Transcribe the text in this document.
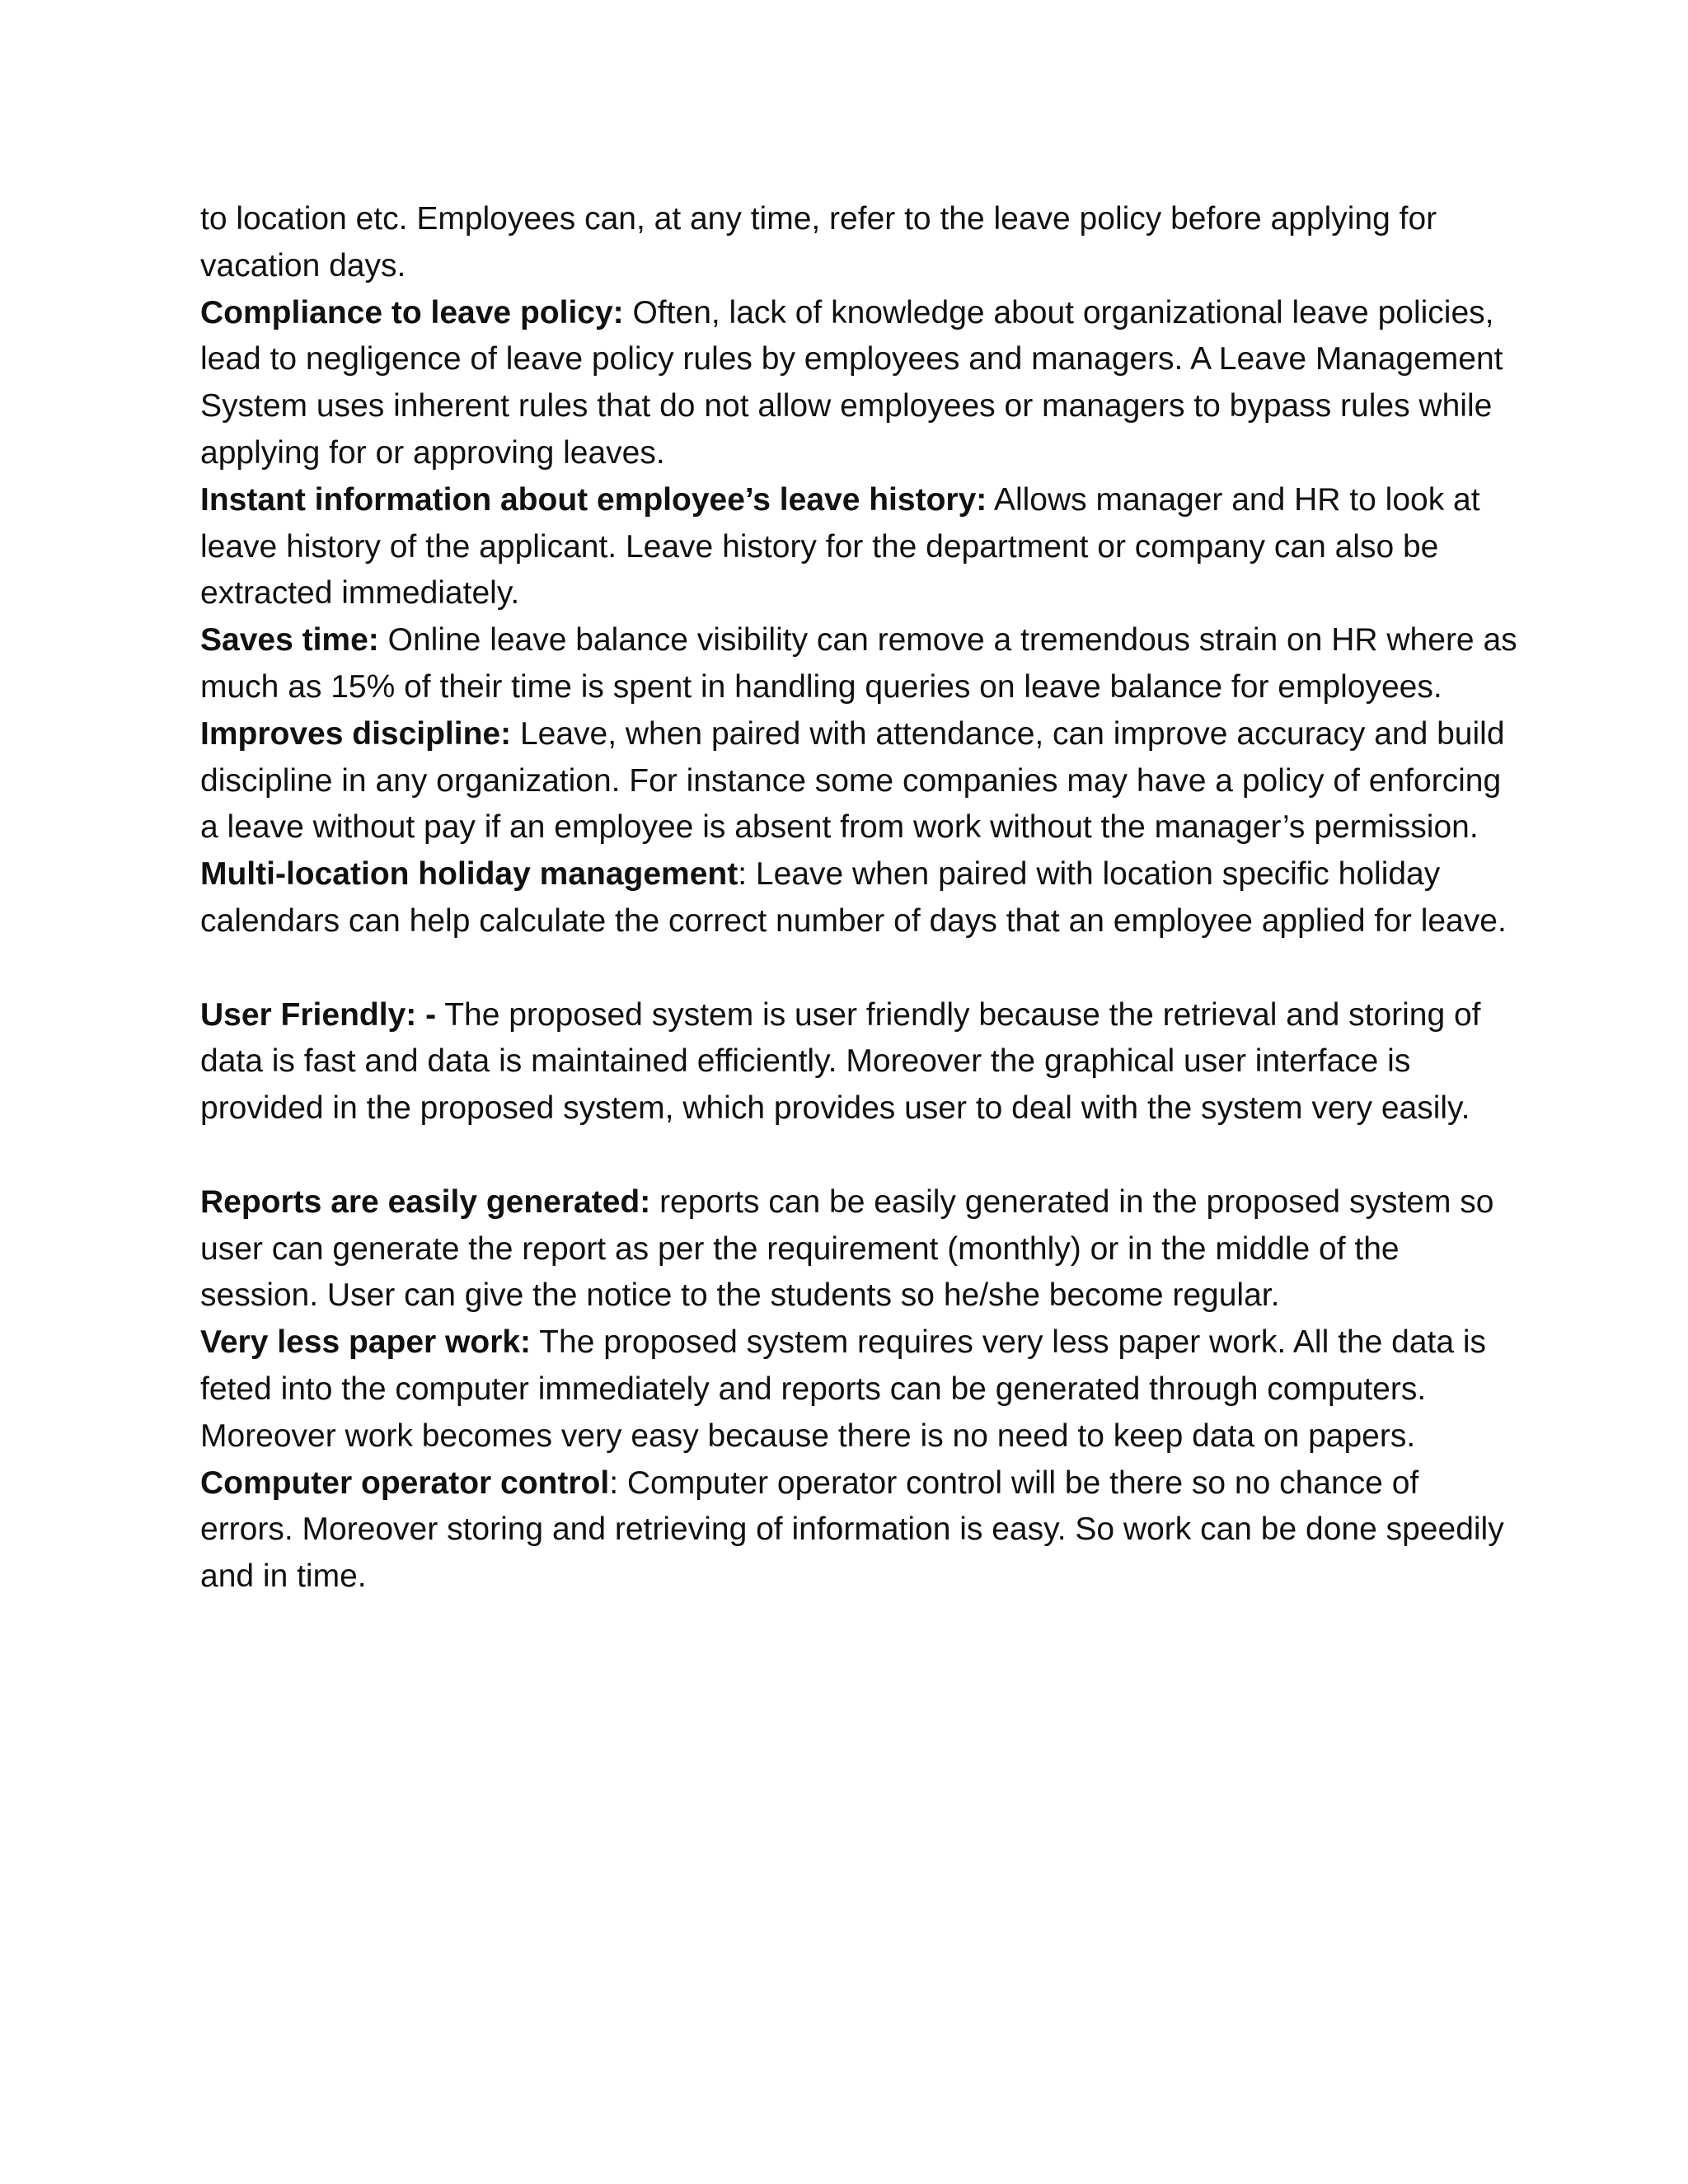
to location etc. Employees can, at any time, refer to the leave policy before applying for vacation days.

Compliance to leave policy: Often, lack of knowledge about organizational leave policies, lead to negligence of leave policy rules by employees and managers. A Leave Management System uses inherent rules that do not allow employees or managers to bypass rules while applying for or approving leaves.

Instant information about employee’s leave history: Allows manager and HR to look at leave history of the applicant. Leave history for the department or company can also be extracted immediately.

Saves time: Online leave balance visibility can remove a tremendous strain on HR where as much as 15% of their time is spent in handling queries on leave balance for employees.

Improves discipline: Leave, when paired with attendance, can improve accuracy and build discipline in any organization. For instance some companies may have a policy of enforcing a leave without pay if an employee is absent from work without the manager’s permission.

Multi-location holiday management: Leave when paired with location specific holiday calendars can help calculate the correct number of days that an employee applied for leave.

User Friendly: - The proposed system is user friendly because the retrieval and storing of data is fast and data is maintained efficiently. Moreover the graphical user interface is provided in the proposed system, which provides user to deal with the system very easily.

Reports are easily generated: reports can be easily generated in the proposed system so user can generate the report as per the requirement (monthly) or in the middle of the session. User can give the notice to the students so he/she become regular.

Very less paper work: The proposed system requires very less paper work. All the data is feted into the computer immediately and reports can be generated through computers.

Moreover work becomes very easy because there is no need to keep data on papers.

Computer operator control: Computer operator control will be there so no chance of errors. Moreover storing and retrieving of information is easy. So work can be done speedily and in time.
